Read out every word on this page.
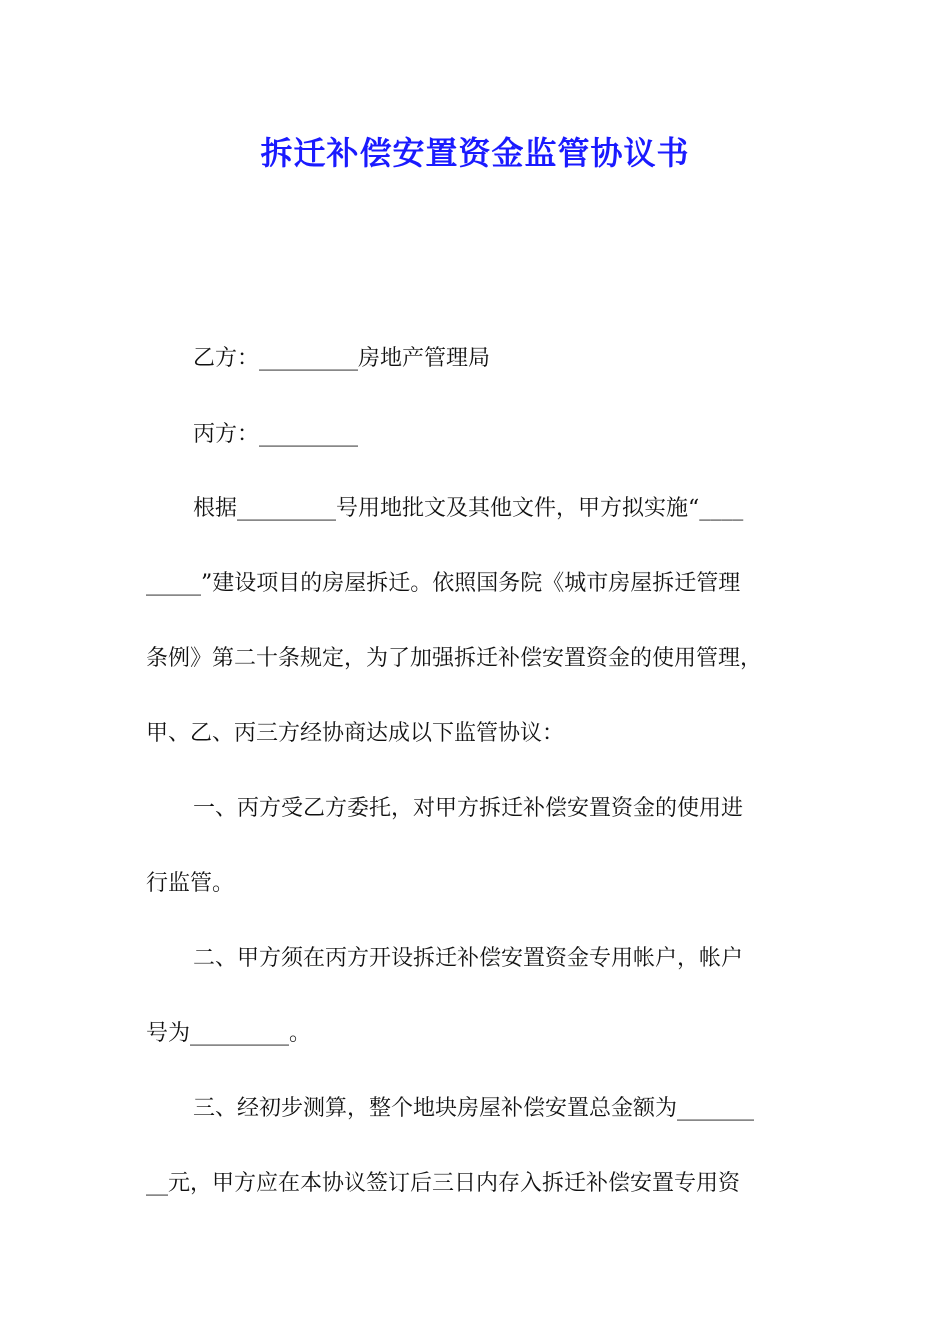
拆迁补偿安置资金监管协议书
乙方：_________房地产管理局
丙方：_________
根据_________号用地批文及其他文件，甲方拟实施“____
_____”建设项目的房屋拆迁。依照国务院《城市房屋拆迁管理
条例》第二十条规定，为了加强拆迁补偿安置资金的使用管理，
甲、乙、丙三方经协商达成以下监管协议：
一、丙方受乙方委托，对甲方拆迁补偿安置资金的使用进
行监管。
二、甲方须在丙方开设拆迁补偿安置资金专用帐户，帐户
号为_________。
三、经初步测算，整个地块房屋补偿安置总金额为_______
__元，甲方应在本协议签订后三日内存入拆迁补偿安置专用资
